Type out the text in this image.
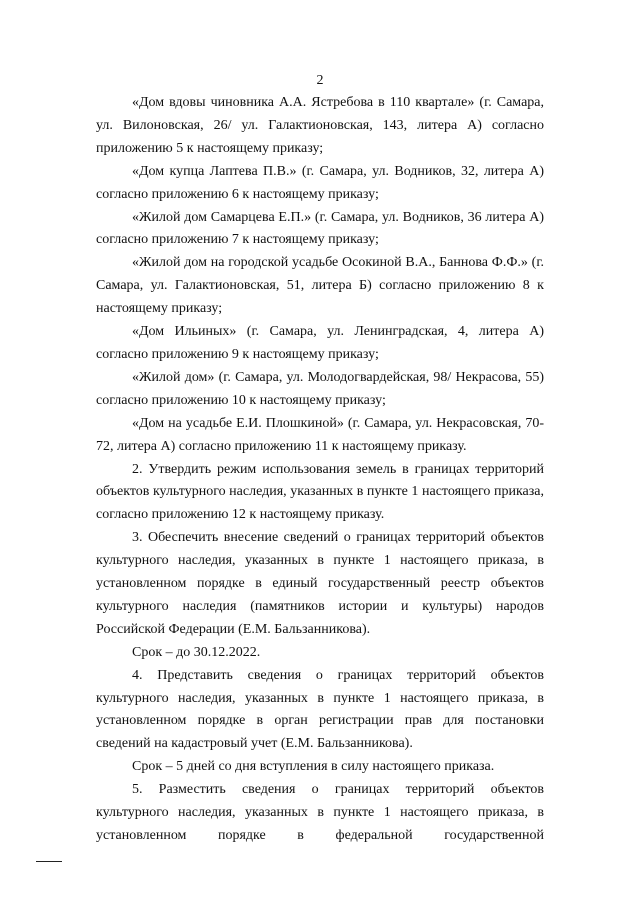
2

«Дом вдовы чиновника А.А. Ястребова в 110 квартале» (г. Самара, ул. Вилоновская, 26/ ул. Галактионовская, 143, литера А) согласно приложению 5 к настоящему приказу;

«Дом купца Лаптева П.В.» (г. Самара, ул. Водников, 32, литера А) согласно приложению 6 к настоящему приказу;

«Жилой дом Самарцева Е.П.» (г. Самара, ул. Водников, 36 литера А) согласно приложению 7 к настоящему приказу;

«Жилой дом на городской усадьбе Осокиной В.А., Баннова Ф.Ф.» (г. Самара, ул. Галактионовская, 51, литера Б) согласно приложению 8 к настоящему приказу;

«Дом Ильиных» (г. Самара, ул. Ленинградская, 4, литера А) согласно приложению 9 к настоящему приказу;

«Жилой дом» (г. Самара, ул. Молодогвардейская, 98/ Некрасова, 55) согласно приложению 10 к настоящему приказу;

«Дом на усадьбе Е.И. Плошкиной» (г. Самара, ул. Некрасовская, 70-72, литера А) согласно приложению 11 к настоящему приказу.

2. Утвердить режим использования земель в границах территорий объектов культурного наследия, указанных в пункте 1 настоящего приказа, согласно приложению 12 к настоящему приказу.

3. Обеспечить внесение сведений о границах территорий объектов культурного наследия, указанных в пункте 1 настоящего приказа, в установленном порядке в единый государственный реестр объектов культурного наследия (памятников истории и культуры) народов Российской Федерации (Е.М. Бальзанникова).

Срок – до 30.12.2022.

4. Представить сведения о границах территорий объектов культурного наследия, указанных в пункте 1 настоящего приказа, в установленном порядке в орган регистрации прав для постановки сведений на кадастровый учет (Е.М. Бальзанникова).

Срок – 5 дней со дня вступления в силу настоящего приказа.

5. Разместить сведения о границах территорий объектов культурного наследия, указанных в пункте 1 настоящего приказа, в установленном порядке в федеральной государственной
